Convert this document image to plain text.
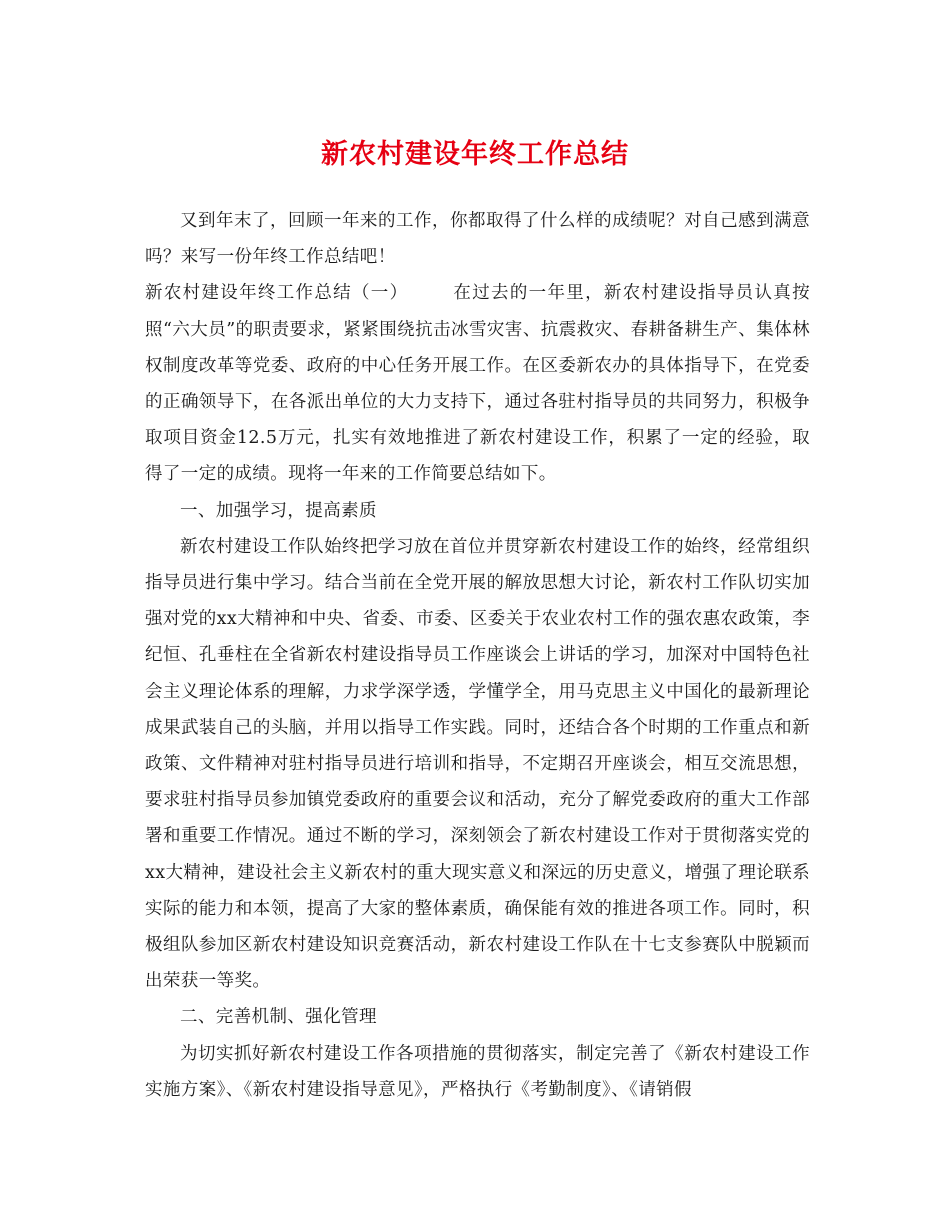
新农村建设年终工作总结

又到年末了，回顾一年来的工作，你都取得了什么样的成绩呢？对自己感到满意吗？来写一份年终工作总结吧！

新农村建设年终工作总结（一）	在过去的一年里，新农村建设指导员认真按照“六大员”的职责要求，紧紧围绕抗击冰雪灾害、抗震救灾、春耕备耕生产、集体林权制度改革等党委、政府的中心任务开展工作。在区委新农办的具体指导下，在党委的正确领导下，在各派出单位的大力支持下，通过各驻村指导员的共同努力，积极争取项目资金12.5万元，扎实有效地推进了新农村建设工作，积累了一定的经验，取得了一定的成绩。现将一年来的工作简要总结如下。

一、加强学习，提高素质

新农村建设工作队始终把学习放在首位并贯穿新农村建设工作的始终，经常组织指导员进行集中学习。结合当前在全党开展的解放思想大讨论，新农村工作队切实加强对党的xx大精神和中央、省委、市委、区委关于农业农村工作的强农惠农政策，李纪恒、孔垂柱在全省新农村建设指导员工作座谈会上讲话的学习，加深对中国特色社会主义理论体系的理解，力求学深学透，学懂学全，用马克思主义中国化的最新理论成果武装自己的头脑，并用以指导工作实践。同时，还结合各个时期的工作重点和新政策、文件精神对驻村指导员进行培训和指导，不定期召开座谈会，相互交流思想，要求驻村指导员参加镇党委政府的重要会议和活动，充分了解党委政府的重大工作部署和重要工作情况。通过不断的学习，深刻领会了新农村建设工作对于贯彻落实党的xx大精神，建设社会主义新农村的重大现实意义和深远的历史意义，增强了理论联系实际的能力和本领，提高了大家的整体素质，确保能有效的推进各项工作。同时，积极组队参加区新农村建设知识竞赛活动，新农村建设工作队在十七支参赛队中脱颖而出荣获一等奖。

二、完善机制、强化管理

为切实抓好新农村建设工作各项措施的贯彻落实，制定完善了《新农村建设工作实施方案》、《新农村建设指导意见》，严格执行《考勤制度》、《请销假
